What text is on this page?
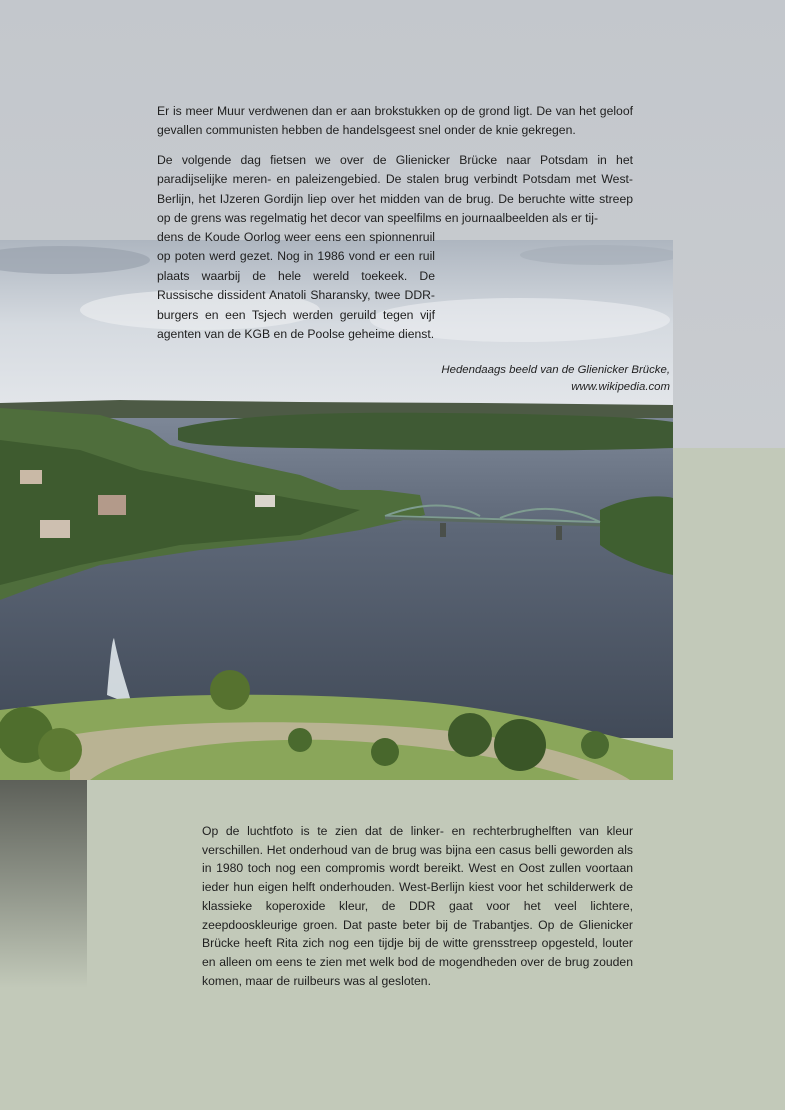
Er is meer Muur verdwenen dan er aan brokstukken op de grond ligt. De van het geloof gevallen communisten hebben de handelsgeest snel onder de knie gekregen.

De volgende dag fietsen we over de Glienicker Brücke naar Potsdam in het paradijselijke meren- en paleizengebied. De stalen brug verbindt Potsdam met West-Berlijn, het IJzeren Gordijn liep over het midden van de brug. De beruchte witte streep op de grens was regelmatig het decor van speelfilms en journaalbeelden als er tij-

dens de Koude Oorlog weer eens een spionnenruil op poten werd gezet. Nog in 1986 vond er een ruil plaats waarbij de hele wereld toekeek. De Russische dissident Anatoli Sharansky, twee DDR-burgers en een Tsjech werden geruild tegen vijf agenten van de KGB en de Poolse geheime dienst.

Hedendaags beeld van de Glienicker Brücke,
www.wikipedia.com

Op de luchtfoto is te zien dat de linker- en rechterbrughelften van kleur verschillen. Het onderhoud van de brug was bijna een casus belli geworden als in 1980 toch nog een compromis wordt bereikt. West en Oost zullen voortaan ieder hun eigen helft onderhouden. West-Berlijn kiest voor het schilderwerk de klassieke koperoxide kleur, de DDR gaat voor het veel lichtere, zeepdooskleurige groen. Dat paste beter bij de Trabantjes. Op de Glienicker Brücke heeft Rita zich nog een tijdje bij de witte grensstreep opgesteld, louter en alleen om eens te zien met welk bod de mogendheden over de brug zouden komen, maar de ruilbeurs was al gesloten.
